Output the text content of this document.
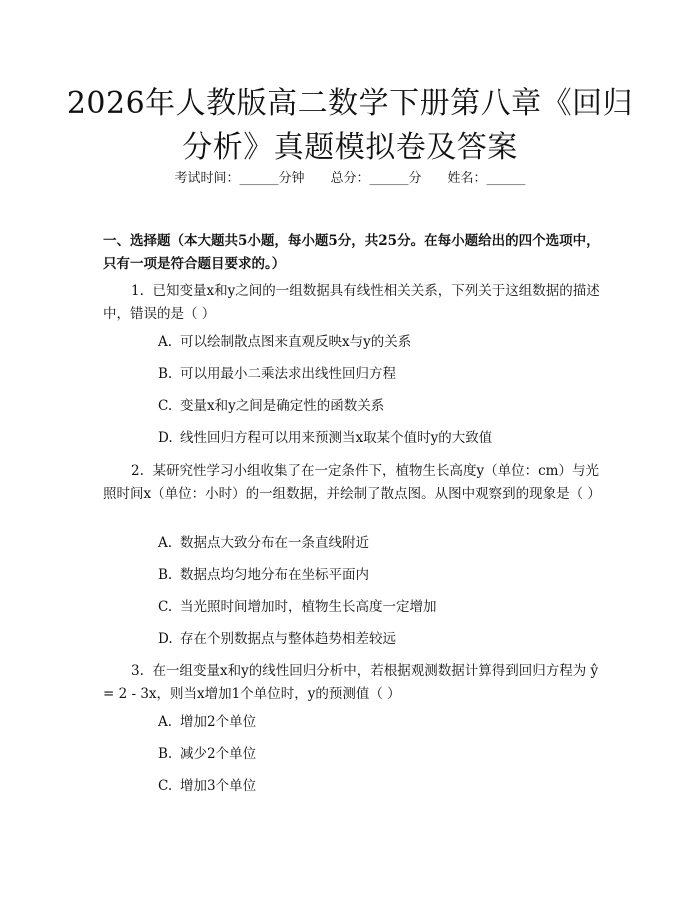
2026年人教版高二数学下册第八章《回归分析》真题模拟卷及答案
考试时间：______分钟 总分：______分 姓名：______
一、选择题（本大题共5小题，每小题5分，共25分。在每小题给出的四个选项中，只有一项是符合题目要求的。）
1. 已知变量x和y之间的一组数据具有线性相关关系，下列关于这组数据的描述中，错误的是（ ）
A. 可以绘制散点图来直观反映x与y的关系
B. 可以用最小二乘法求出线性回归方程
C. 变量x和y之间是确定性的函数关系
D. 线性回归方程可以用来预测当x取某个值时y的大致值
2. 某研究性学习小组收集了在一定条件下，植物生长高度y（单位：cm）与光照时间x（单位：小时）的一组数据，并绘制了散点图。从图中观察到的现象是（ ）
A. 数据点大致分布在一条直线附近
B. 数据点均匀地分布在坐标平面内
C. 当光照时间增加时，植物生长高度一定增加
D. 存在个别数据点与整体趋势相差较远
3. 在一组变量x和y的线性回归分析中，若根据观测数据计算得到回归方程为 ŷ = 2 - 3x，则当x增加1个单位时，y的预测值（ ）
A. 增加2个单位
B. 减少2个单位
C. 增加3个单位
